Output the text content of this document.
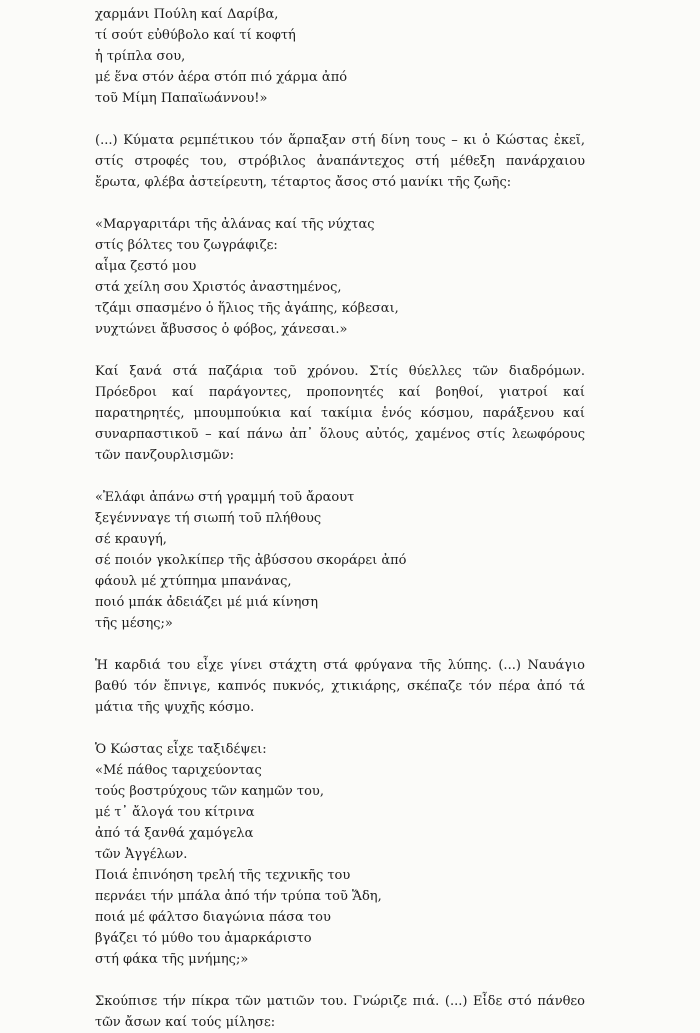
χαρμάνι Πούλη καί Δαρίβα,
τί σούτ εὐθύβολο καί τί κοφτή
ἡ τρίπλα σου,
μέ ἕνα στόν ἀέρα στόπ πιό χάρμα ἀπό
τοῦ Μίμη Παπαϊωάννου!»

(...) Κύματα ρεμπέτικου τόν ἅρπαξαν στή δίνη τους – κι ὁ Κώστας ἐκεῖ, στίς στροφές του, στρόβιλος ἀναπάντεχος στή μέθεξη πανάρχαιου ἔρωτα, φλέβα ἀστείρευτη, τέταρτος ἄσος στό μανίκι τῆς ζωῆς:

«Μαργαριτάρι τῆς ἀλάνας καί τῆς νύχτας
στίς βόλτες του ζωγράφιζε:
αἷμα ζεστό μου
στά χείλη σου Χριστός ἀναστημένος,
τζάμι σπασμένο ὁ ἥλιος τῆς ἀγάπης, κόβεσαι,
νυχτώνει ἄβυσσος ὁ φόβος, χάνεσαι.»

Καί ξανά στά παζάρια τοῦ χρόνου. Στίς θύελλες τῶν διαδρόμων. Πρόεδροι καί παράγοντες, προπονητές καί βοηθοί, γιατροί καί παρατηρητές, μπουμπούκια καί τακίμια ἑνός κόσμου, παράξενου καί συναρπαστικοῦ – καί πάνω ἀπ᾽ ὅλους αὐτός, χαμένος στίς λεωφόρους τῶν πανζουρλισμῶν:

«Ἐλάφι ἀπάνω στή γραμμή τοῦ ἄραουτ
ξεγέννναγε τή σιωπή τοῦ πλήθους
σέ κραυγή,
σέ ποιόν γκολκίπερ τῆς ἀβύσσου σκοράρει ἀπό
φάουλ μέ χτύπημα μπανάνας,
ποιό μπάκ ἀδειάζει μέ μιά κίνηση
τῆς μέσης;»

Ἡ καρδιά του εἶχε γίνει στάχτη στά φρύγανα τῆς λύπης. (...) Ναυάγιο βαθύ τόν ἔπνιγε, καπνός πυκνός, χτικιάρης, σκέπαζε τόν πέρα ἀπό τά μάτια τῆς ψυχῆς κόσμο.

Ὁ Κώστας εἶχε ταξιδέψει:
«Μέ πάθος ταριχεύοντας
τούς βοστρύχους τῶν καημῶν του,
μέ τ᾽ ἄλογά του κίτρινα
ἀπό τά ξανθά χαμόγελα
τῶν Ἀγγέλων.
Ποιά ἐπινόηση τρελή τῆς τεχνικῆς του
περνάει τήν μπάλα ἀπό τήν τρύπα τοῦ Ἅδη,
ποιά μέ φάλτσο διαγώνια πάσα του
βγάζει τό μύθο του ἀμαρκάριστο
στή φάκα τῆς μνήμης;»

Σκούπισε τήν πίκρα τῶν ματιῶν του. Γνώριζε πιά. (...) Εἶδε στό πάνθεο τῶν ἄσων καί τούς μίλησε:
